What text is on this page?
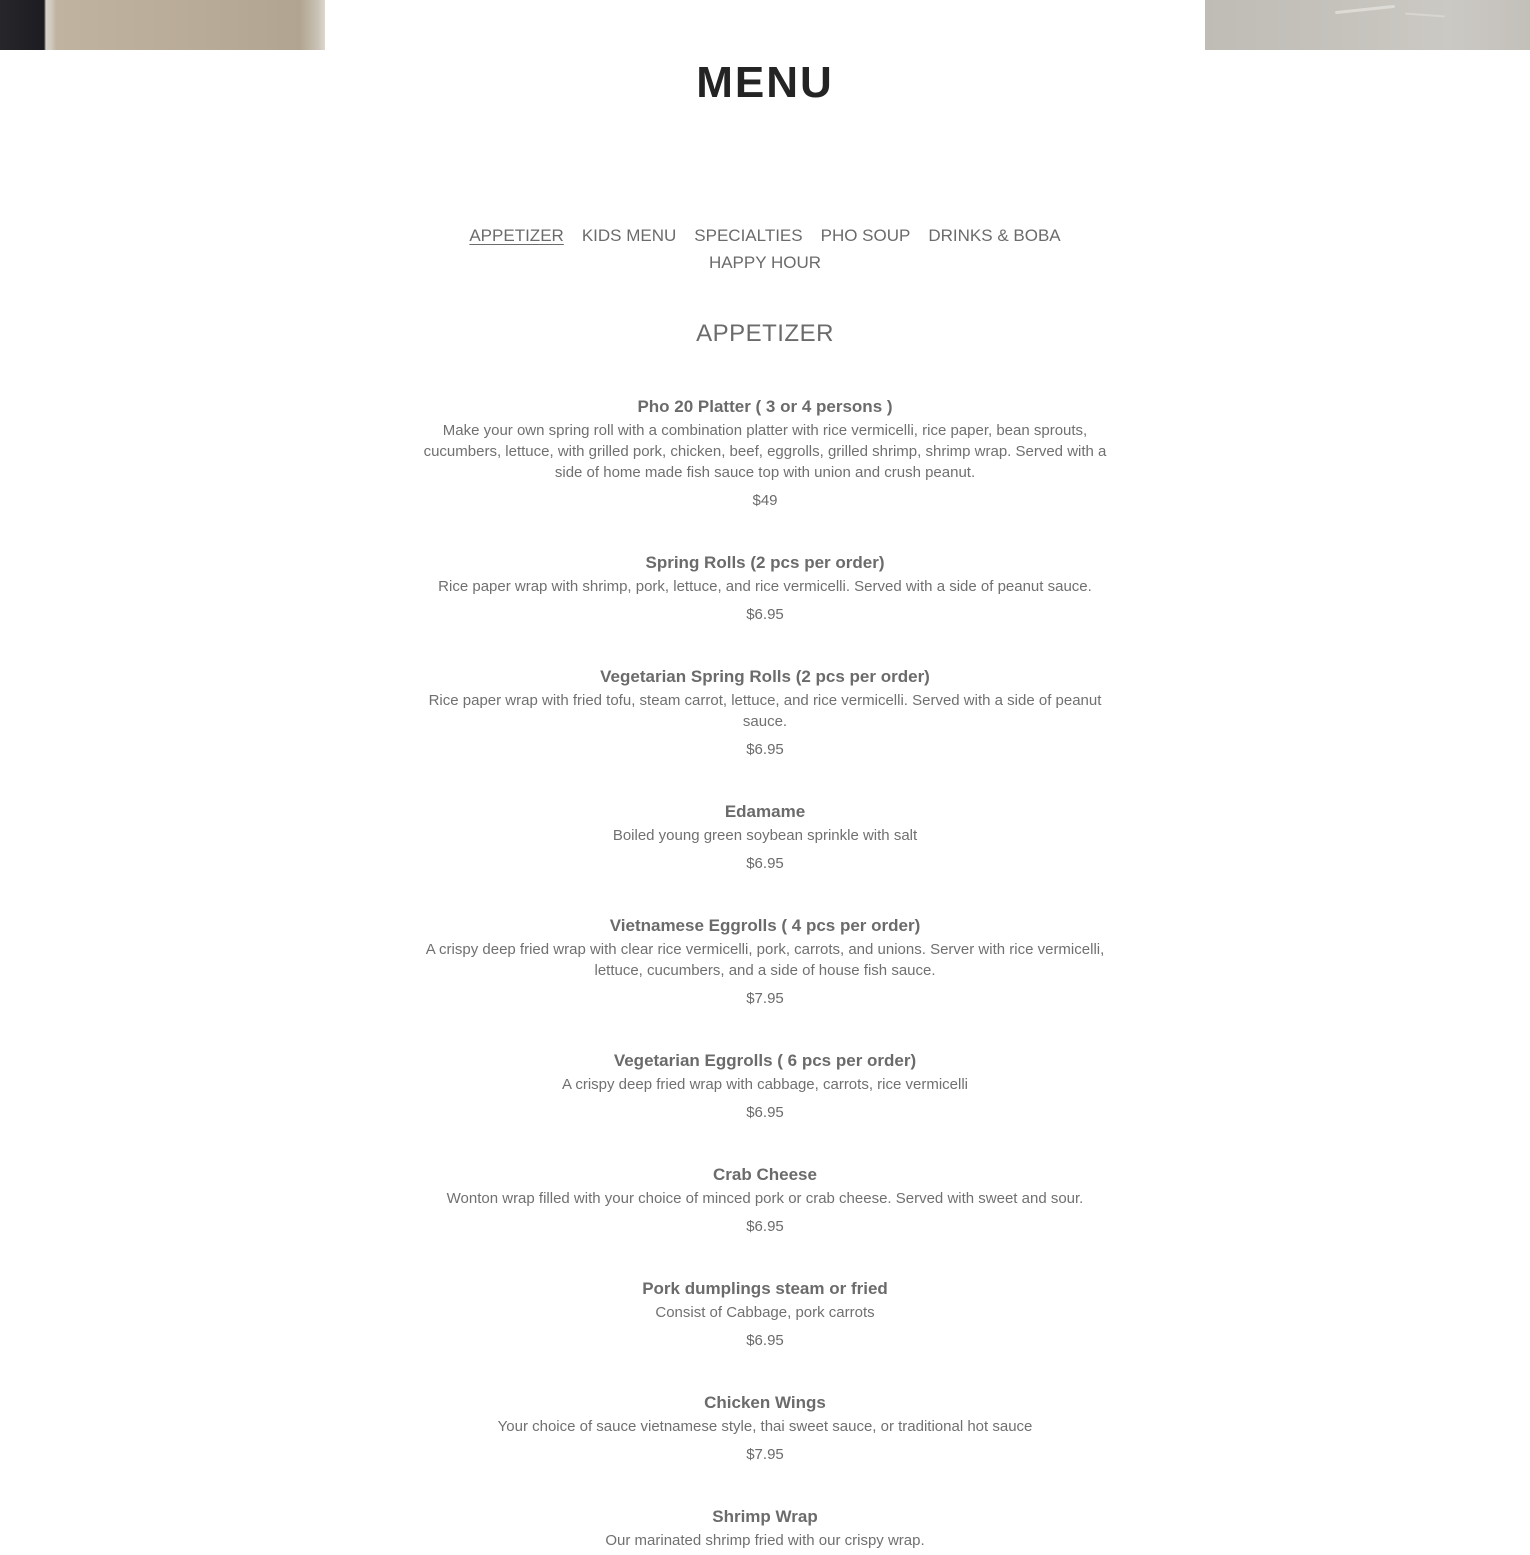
MENU
APPETIZER KIDS MENU SPECIALTIES PHO SOUP DRINKS & BOBA
HAPPY HOUR
APPETIZER
Pho 20 Platter ( 3 or 4 persons )
Make your own spring roll with a combination platter with rice vermicelli, rice paper, bean sprouts, cucumbers, lettuce, with grilled pork, chicken, beef, eggrolls, grilled shrimp, shrimp wrap. Served with a side of home made fish sauce top with union and crush peanut.
$49
Spring Rolls (2 pcs per order)
Rice paper wrap with shrimp, pork, lettuce, and rice vermicelli. Served with a side of peanut sauce.
$6.95
Vegetarian Spring Rolls (2 pcs per order)
Rice paper wrap with fried tofu, steam carrot, lettuce, and rice vermicelli. Served with a side of peanut sauce.
$6.95
Edamame
Boiled young green soybean sprinkle with salt
$6.95
Vietnamese Eggrolls ( 4 pcs per order)
A crispy deep fried wrap with clear rice vermicelli, pork, carrots, and unions. Server with rice vermicelli, lettuce, cucumbers, and a side of house fish sauce.
$7.95
Vegetarian Eggrolls ( 6 pcs per order)
A crispy deep fried wrap with cabbage, carrots, rice vermicelli
$6.95
Crab Cheese
Wonton wrap filled with your choice of minced pork or crab cheese. Served with sweet and sour.
$6.95
Pork dumplings steam or fried
Consist of Cabbage, pork carrots
$6.95
Chicken Wings
Your choice of sauce vietnamese style, thai sweet sauce, or traditional hot sauce
$7.95
Shrimp Wrap
Our marinated shrimp fried with our crispy wrap.
